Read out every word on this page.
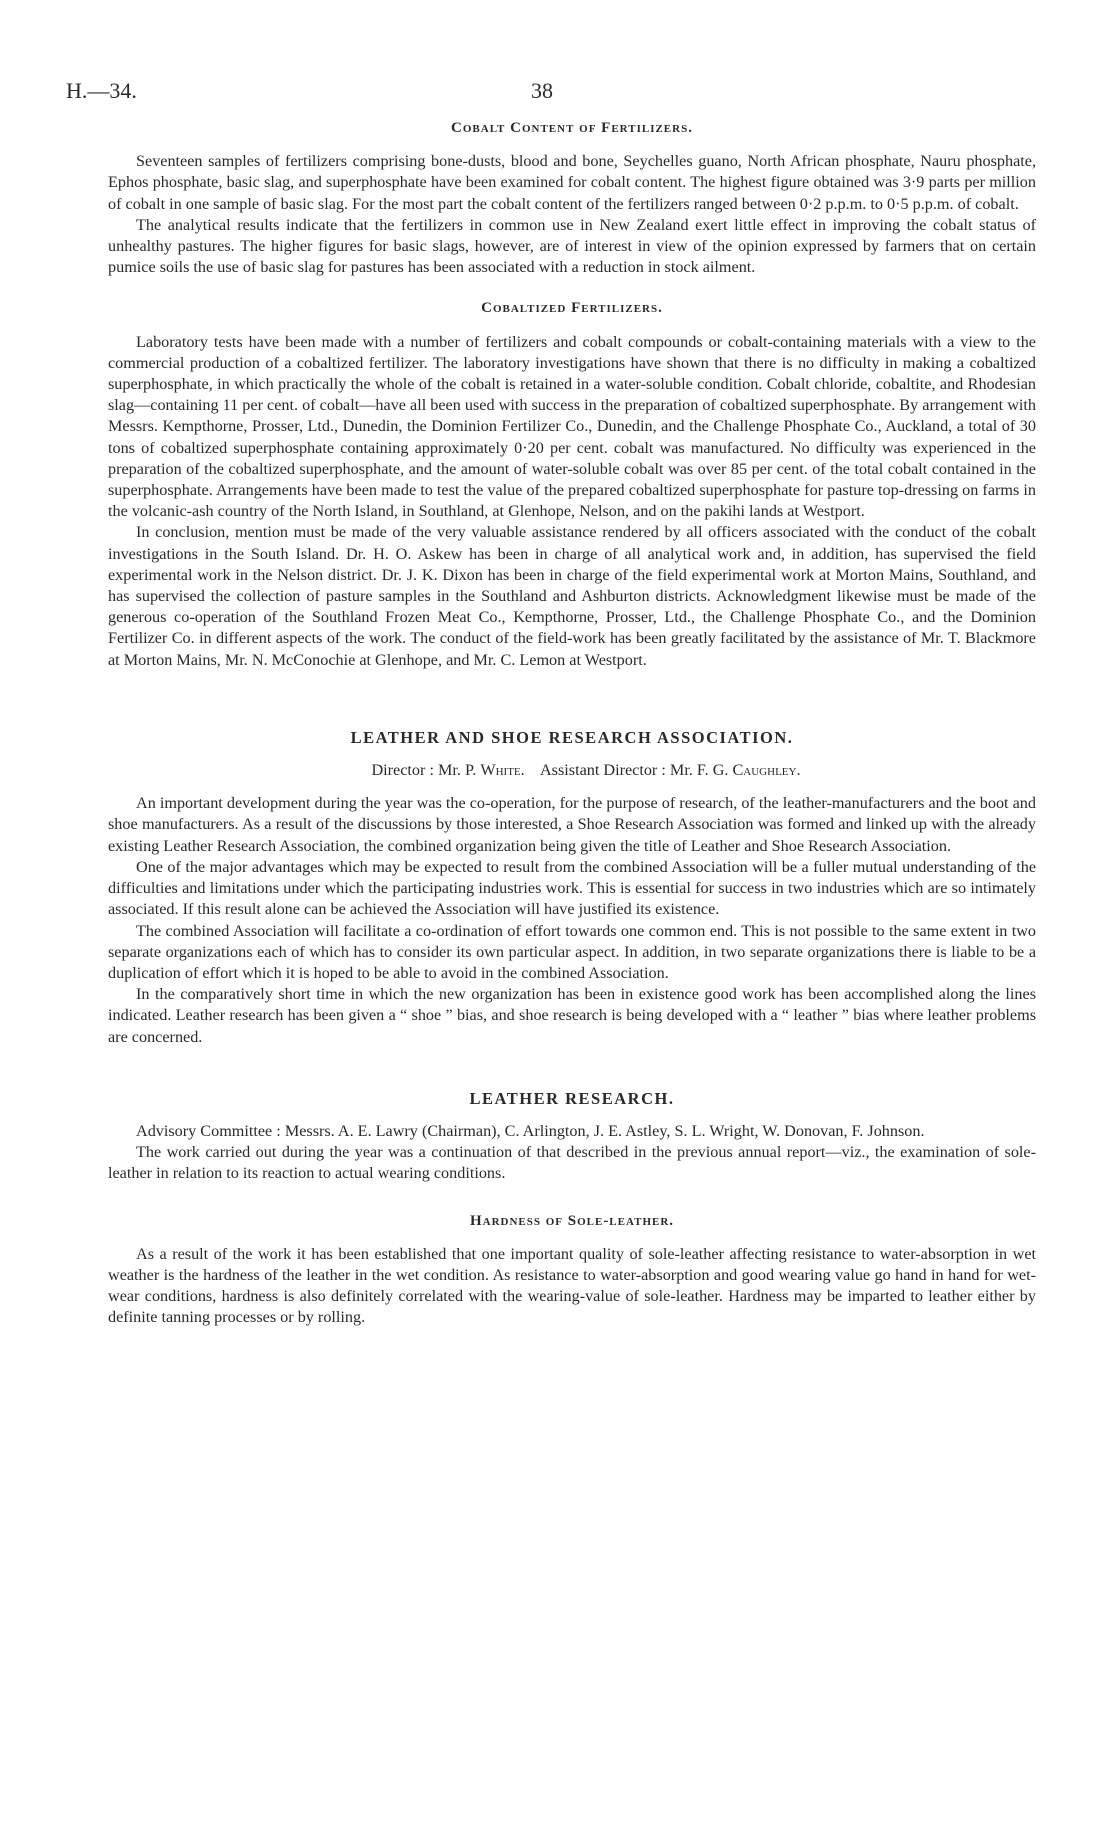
H.—34.	38
Cobalt Content of Fertilizers.

Seventeen samples of fertilizers comprising bone-dusts, blood and bone, Seychelles guano, North African phosphate, Nauru phosphate, Ephos phosphate, basic slag, and superphosphate have been examined for cobalt content. The highest figure obtained was 3·9 parts per million of cobalt in one sample of basic slag. For the most part the cobalt content of the fertilizers ranged between 0·2 p.p.m. to 0·5 p.p.m. of cobalt.

The analytical results indicate that the fertilizers in common use in New Zealand exert little effect in improving the cobalt status of unhealthy pastures. The higher figures for basic slags, however, are of interest in view of the opinion expressed by farmers that on certain pumice soils the use of basic slag for pastures has been associated with a reduction in stock ailment.

Cobaltized Fertilizers.

Laboratory tests have been made with a number of fertilizers and cobalt compounds or cobalt-containing materials with a view to the commercial production of a cobaltized fertilizer. The laboratory investigations have shown that there is no difficulty in making a cobaltized superphosphate, in which practically the whole of the cobalt is retained in a water-soluble condition. Cobalt chloride, cobaltite, and Rhodesian slag—containing 11 per cent. of cobalt—have all been used with success in the preparation of cobaltized superphosphate. By arrangement with Messrs. Kempthorne, Prosser, Ltd., Dunedin, the Dominion Fertilizer Co., Dunedin, and the Challenge Phosphate Co., Auckland, a total of 30 tons of cobaltized superphosphate containing approximately 0·20 per cent. cobalt was manufactured. No difficulty was experienced in the preparation of the cobaltized superphosphate, and the amount of water-soluble cobalt was over 85 per cent. of the total cobalt contained in the superphosphate. Arrangements have been made to test the value of the prepared cobaltized superphosphate for pasture top-dressing on farms in the volcanic-ash country of the North Island, in Southland, at Glenhope, Nelson, and on the pakihi lands at Westport.

In conclusion, mention must be made of the very valuable assistance rendered by all officers associated with the conduct of the cobalt investigations in the South Island. Dr. H. O. Askew has been in charge of all analytical work and, in addition, has supervised the field experimental work in the Nelson district. Dr. J. K. Dixon has been in charge of the field experimental work at Morton Mains, Southland, and has supervised the collection of pasture samples in the Southland and Ashburton districts. Acknowledgment likewise must be made of the generous co-operation of the Southland Frozen Meat Co., Kempthorne, Prosser, Ltd., the Challenge Phosphate Co., and the Dominion Fertilizer Co. in different aspects of the work. The conduct of the field-work has been greatly facilitated by the assistance of Mr. T. Blackmore at Morton Mains, Mr. N. McConochie at Glenhope, and Mr. C. Lemon at Westport.

LEATHER AND SHOE RESEARCH ASSOCIATION.

Director : Mr. P. White. Assistant Director : Mr. F. G. Caughley.

An important development during the year was the co-operation, for the purpose of research, of the leather-manufacturers and the boot and shoe manufacturers. As a result of the discussions by those interested, a Shoe Research Association was formed and linked up with the already existing Leather Research Association, the combined organization being given the title of Leather and Shoe Research Association.

One of the major advantages which may be expected to result from the combined Association will be a fuller mutual understanding of the difficulties and limitations under which the participating industries work. This is essential for success in two industries which are so intimately associated. If this result alone can be achieved the Association will have justified its existence.

The combined Association will facilitate a co-ordination of effort towards one common end. This is not possible to the same extent in two separate organizations each of which has to consider its own particular aspect. In addition, in two separate organizations there is liable to be a duplication of effort which it is hoped to be able to avoid in the combined Association.

In the comparatively short time in which the new organization has been in existence good work has been accomplished along the lines indicated. Leather research has been given a “ shoe ” bias, and shoe research is being developed with a “ leather ” bias where leather problems are concerned.

LEATHER RESEARCH.

Advisory Committee : Messrs. A. E. Lawry (Chairman), C. Arlington, J. E. Astley, S. L. Wright, W. Donovan, F. Johnson.

The work carried out during the year was a continuation of that described in the previous annual report—viz., the examination of sole-leather in relation to its reaction to actual wearing conditions.

Hardness of Sole-leather.

As a result of the work it has been established that one important quality of sole-leather affecting resistance to water-absorption in wet weather is the hardness of the leather in the wet condition. As resistance to water-absorption and good wearing value go hand in hand for wet-wear conditions, hardness is also definitely correlated with the wearing-value of sole-leather. Hardness may be imparted to leather either by definite tanning processes or by rolling.
